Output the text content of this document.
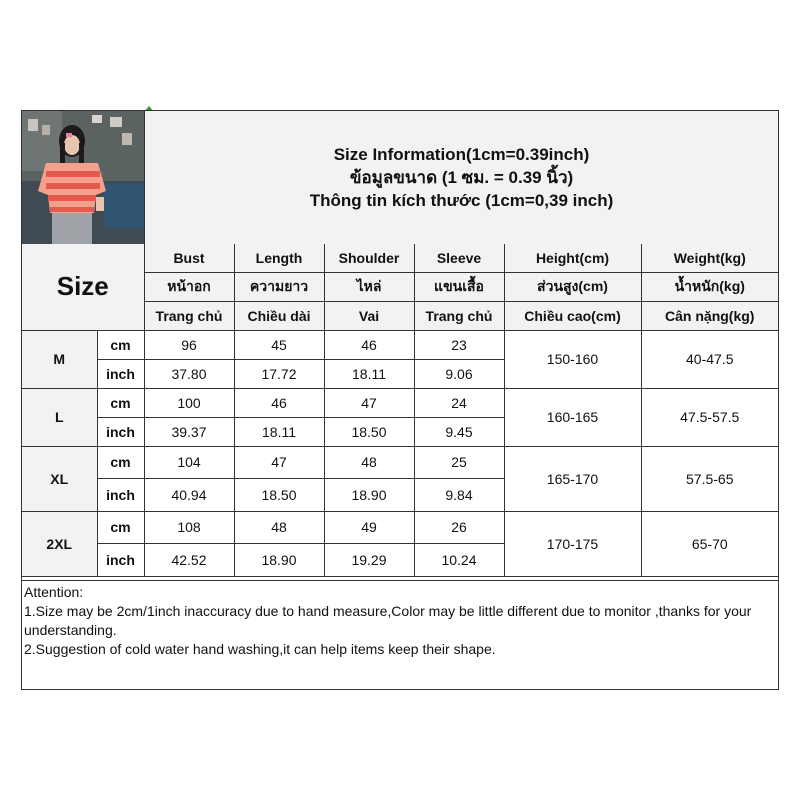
Size Information(1cm=0.39inch)
ข้อมูลขนาด (1 ซม. = 0.39 นิ้ว)
Thông tin kích thước (1cm=0,39 inch)
Size		Bust	Length	Shoulder	Sleeve	Height(cm)	Weight(kg)
		หน้าอก	ความยาว	ไหล่	แขนเสื้อ	ส่วนสูง(cm)	น้ำหนัก(kg)
		Trang chủ	Chiều dài	Vai	Trang chủ	Chiều cao(cm)	Cân nặng(kg)
M	cm	96	45	46	23	150-160	40-47.5
	inch	37.80	17.72	18.11	9.06		
L	cm	100	46	47	24	160-165	47.5-57.5
	inch	39.37	18.11	18.50	9.45		
XL	cm	104	47	48	25	165-170	57.5-65
	inch	40.94	18.50	18.90	9.84		
2XL	cm	108	48	49	26	170-175	65-70
	inch	42.52	18.90	19.29	10.24		
Attention:
1.Size may be 2cm/1inch inaccuracy due to hand measure,Color may be little different due to monitor ,thanks for your understanding.
2.Suggestion of cold water hand washing,it can help items keep their shape.
